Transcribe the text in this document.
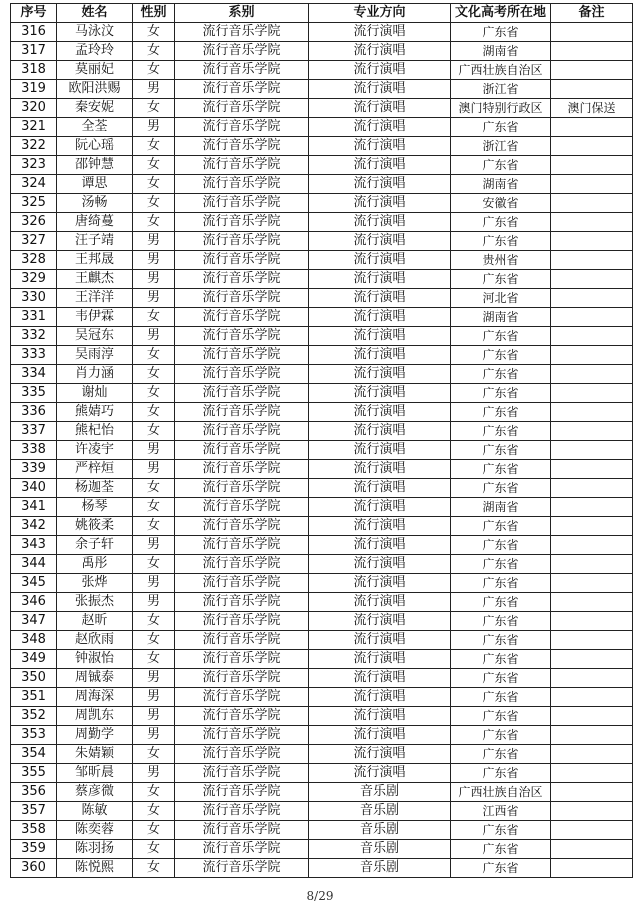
序号	姓名	性别	系别	专业方向	文化高考所在地	备注
316	马泳汶	女	流行音乐学院	流行演唱	广东省	
317	孟玲玲	女	流行音乐学院	流行演唱	湖南省	
318	莫丽妃	女	流行音乐学院	流行演唱	广西壮族自治区	
319	欧阳洪赐	男	流行音乐学院	流行演唱	浙江省	
320	秦安妮	女	流行音乐学院	流行演唱	澳门特别行政区	澳门保送
321	全荃	男	流行音乐学院	流行演唱	广东省	
322	阮心瑶	女	流行音乐学院	流行演唱	浙江省	
323	邵钟慧	女	流行音乐学院	流行演唱	广东省	
324	谭思	女	流行音乐学院	流行演唱	湖南省	
325	汤畅	女	流行音乐学院	流行演唱	安徽省	
326	唐绮蔓	女	流行音乐学院	流行演唱	广东省	
327	汪子靖	男	流行音乐学院	流行演唱	广东省	
328	王邦晟	男	流行音乐学院	流行演唱	贵州省	
329	王麒杰	男	流行音乐学院	流行演唱	广东省	
330	王洋洋	男	流行音乐学院	流行演唱	河北省	
331	韦伊霖	女	流行音乐学院	流行演唱	湖南省	
332	吴冠东	男	流行音乐学院	流行演唱	广东省	
333	吴雨淳	女	流行音乐学院	流行演唱	广东省	
334	肖力涵	女	流行音乐学院	流行演唱	广东省	
335	谢灿	女	流行音乐学院	流行演唱	广东省	
336	熊婧巧	女	流行音乐学院	流行演唱	广东省	
337	熊杞怡	女	流行音乐学院	流行演唱	广东省	
338	许凌宇	男	流行音乐学院	流行演唱	广东省	
339	严梓烜	男	流行音乐学院	流行演唱	广东省	
340	杨迦荃	女	流行音乐学院	流行演唱	广东省	
341	杨琴	女	流行音乐学院	流行演唱	湖南省	
342	姚筱柔	女	流行音乐学院	流行演唱	广东省	
343	余子轩	男	流行音乐学院	流行演唱	广东省	
344	禹彤	女	流行音乐学院	流行演唱	广东省	
345	张烨	男	流行音乐学院	流行演唱	广东省	
346	张振杰	男	流行音乐学院	流行演唱	广东省	
347	赵昕	女	流行音乐学院	流行演唱	广东省	
348	赵欣雨	女	流行音乐学院	流行演唱	广东省	
349	钟淑怡	女	流行音乐学院	流行演唱	广东省	
350	周铖泰	男	流行音乐学院	流行演唱	广东省	
351	周海深	男	流行音乐学院	流行演唱	广东省	
352	周凯东	男	流行音乐学院	流行演唱	广东省	
353	周勤学	男	流行音乐学院	流行演唱	广东省	
354	朱婧颖	女	流行音乐学院	流行演唱	广东省	
355	邹昕晨	男	流行音乐学院	流行演唱	广东省	
356	蔡彦微	女	流行音乐学院	音乐剧	广西壮族自治区	
357	陈敏	女	流行音乐学院	音乐剧	江西省	
358	陈奕蓉	女	流行音乐学院	音乐剧	广东省	
359	陈羽扬	女	流行音乐学院	音乐剧	广东省	
360	陈悦熙	女	流行音乐学院	音乐剧	广东省	
8/29
